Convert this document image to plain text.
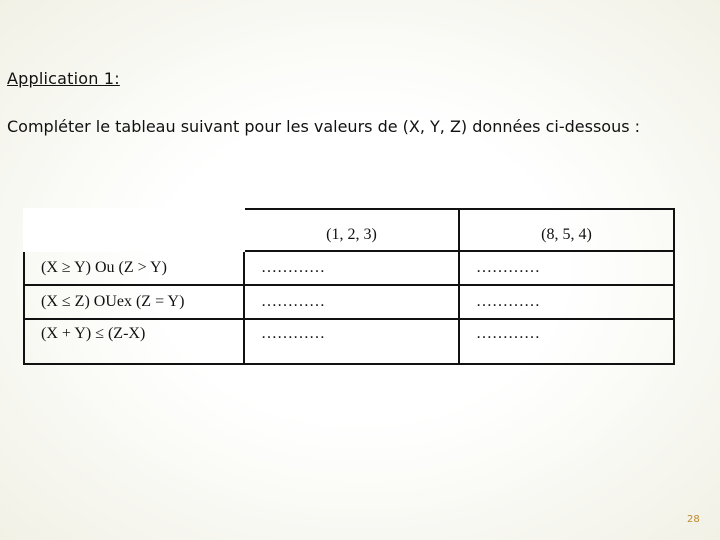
Application 1:
Compléter le tableau suivant pour les valeurs de (X, Y, Z) données ci-dessous :
	(1, 2, 3)	(8, 5, 4)
(X ≥ Y) Ou (Z > Y)	…………	…………
(X ≤ Z) OUex (Z = Y)	…………	…………
(X + Y) ≤ (Z-X)	…………	…………
28
